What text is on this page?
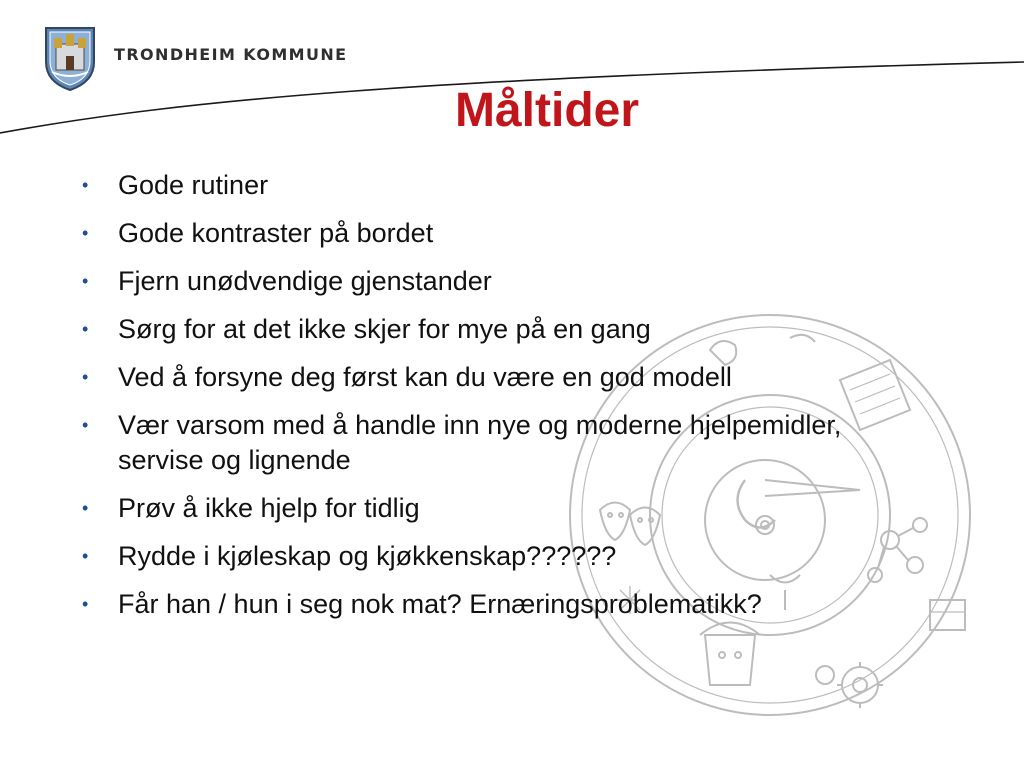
TRONDHEIM KOMMUNE
Måltider
• Gode rutiner
• Gode kontraster på bordet
• Fjern unødvendige gjenstander
• Sørg for at det ikke skjer for mye på en gang
• Ved å forsyne deg først kan du være en god modell
• Vær varsom med å handle inn nye og moderne hjelpemidler, servise og lignende
• Prøv å ikke hjelp for tidlig
• Rydde i kjøleskap og kjøkkenskap??????
• Får han / hun i seg nok mat? Ernæringsproblematikk?
